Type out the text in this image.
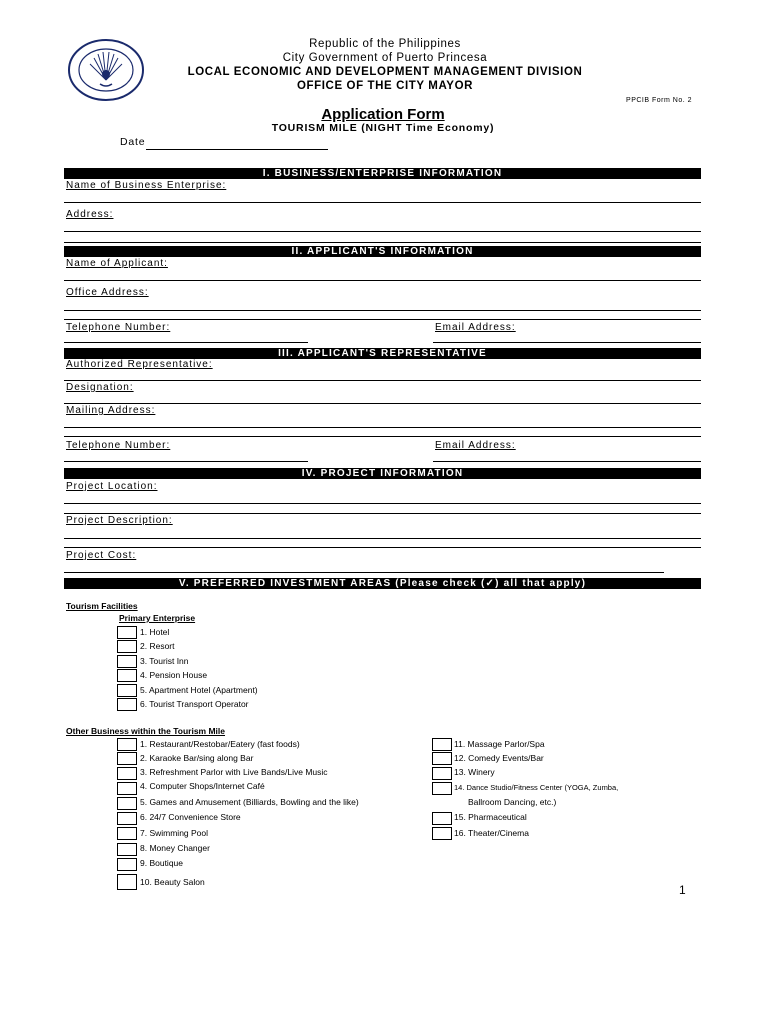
Republic of the Philippines
City Government of Puerto Princesa
LOCAL ECONOMIC AND DEVELOPMENT MANAGEMENT DIVISION
OFFICE OF THE CITY MAYOR
PPCIB Form No. 2
Application Form
TOURISM MILE (NIGHT Time Economy)
Date
I. BUSINESS/ENTERPRISE INFORMATION
Name of Business Enterprise:
Address:
II. APPLICANT'S INFORMATION
Name of Applicant:
Office Address:
Telephone Number:	Email Address:
III. APPLICANT'S REPRESENTATIVE
Authorized Representative:
Designation:
Mailing Address:
Telephone Number:	Email Address:
IV. PROJECT INFORMATION
Project Location:
Project Description:
Project Cost:
V. PREFERRED INVESTMENT AREAS (Please check (✓) all that apply)
Tourism Facilities
Primary Enterprise
1. Hotel
2. Resort
3. Tourist Inn
4. Pension House
5. Apartment Hotel (Apartment)
6. Tourist Transport Operator
Other Business within the Tourism Mile
1. Restaurant/Restobar/Eatery (fast foods)
2. Karaoke Bar/sing along Bar
3. Refreshment Parlor with Live Bands/Live Music
4. Computer Shops/Internet Café
5. Games and Amusement (Billiards, Bowling and the like)
6. 24/7 Convenience Store
7. Swimming Pool
8. Money Changer
9. Boutique
10. Beauty Salon
11. Massage Parlor/Spa
12. Comedy Events/Bar
13. Winery
14. Dance Studio/Fitness Center (YOGA, Zumba,
Ballroom Dancing, etc.)
15. Pharmaceutical
16. Theater/Cinema
1
